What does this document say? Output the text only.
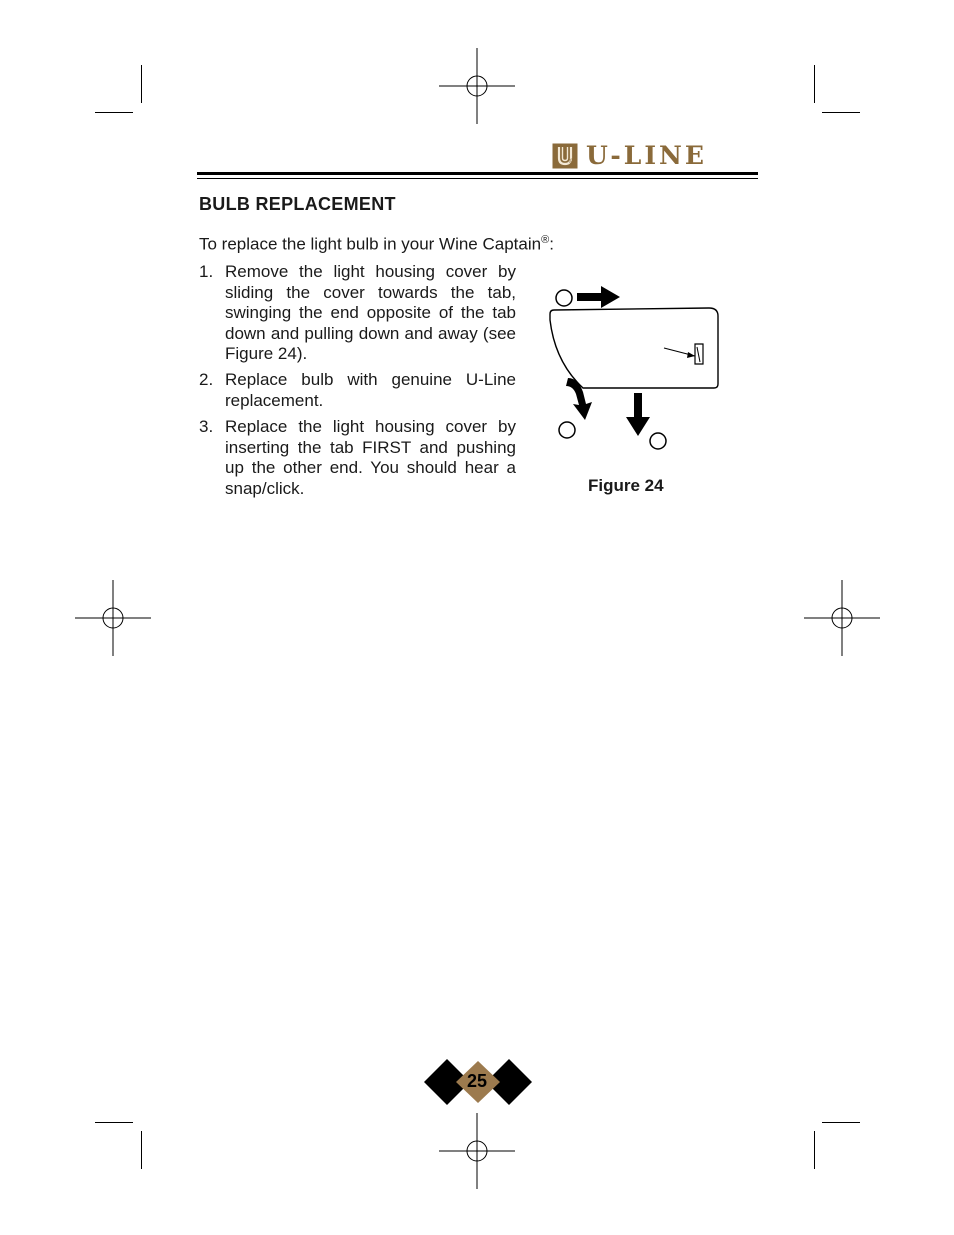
U-LINE
®
BULB REPLACEMENT
To replace the light bulb in your Wine Captain®:
1. Remove the light housing cover by sliding the cover towards the tab, swinging the end opposite of the tab down and pulling down and away (see Figure 24).
2. Replace bulb with genuine U-Line replacement.
3. Replace the light housing cover by inserting the tab FIRST and pushing up the other end. You should hear a snap/click.	Figure 24
25
